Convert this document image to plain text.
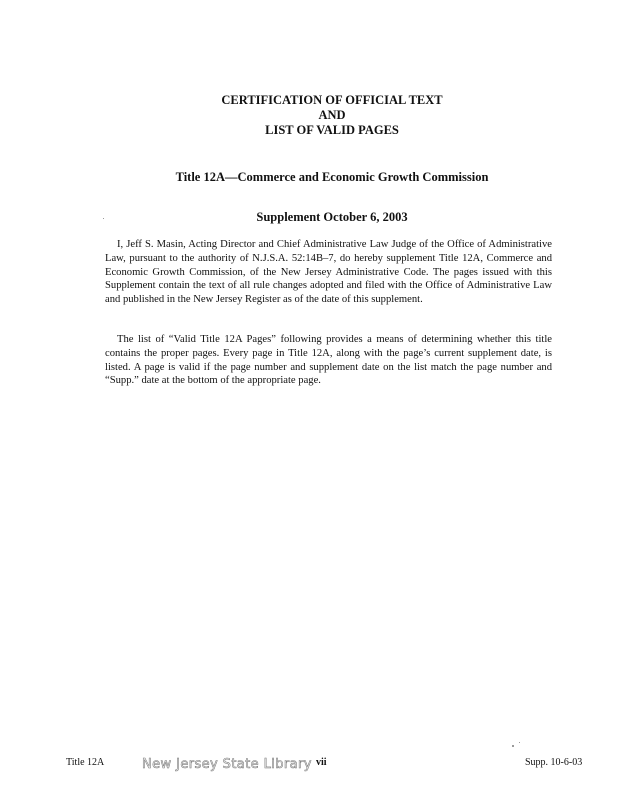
CERTIFICATION OF OFFICIAL TEXT
AND
LIST OF VALID PAGES
Title 12A—Commerce and Economic Growth Commission
Supplement October 6, 2003

I, Jeff S. Masin, Acting Director and Chief Administrative Law Judge of the Office of Administrative Law, pursuant to the authority of N.J.S.A. 52:14B–7, do hereby supplement Title 12A, Commerce and Economic Growth Commission, of the New Jersey Administrative Code. The pages issued with this Supplement contain the text of all rule changes adopted and filed with the Office of Administrative Law and published in the New Jersey Register as of the date of this supplement.

The list of “Valid Title 12A Pages” following provides a means of determining whether this title contains the proper pages. Every page in Title 12A, along with the page’s current supplement date, is listed. A page is valid if the page number and supplement date on the list match the page number and “Supp.” date at the bottom of the appropriate page.

Title 12A	New Jersey State Library vii	Supp. 10-6-03
